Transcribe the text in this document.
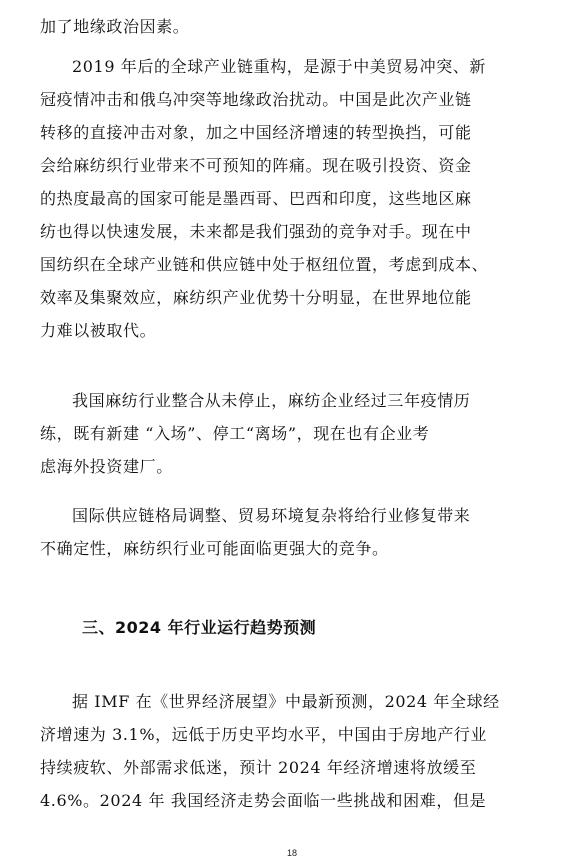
加了地缘政治因素。
2019 年后的全球产业链重构，是源于中美贸易冲突、新
冠疫情冲击和俄乌冲突等地缘政治扰动。中国是此次产业链
转移的直接冲击对象，加之中国经济增速的转型换挡，可能
会给麻纺织行业带来不可预知的阵痛。现在吸引投资、资金
的热度最高的国家可能是墨西哥、巴西和印度，这些地区麻
纺也得以快速发展，未来都是我们强劲的竞争对手。现在中
国纺织在全球产业链和供应链中处于枢纽位置，考虑到成本、
效率及集聚效应，麻纺织产业优势十分明显，在世界地位能
力难以被取代。
我国麻纺行业整合从未停止，麻纺企业经过三年疫情历
练，既有新建 “入场”、停工“离场”，现在也有企业考
虑海外投资建厂。
国际供应链格局调整、贸易环境复杂将给行业修复带来
不确定性，麻纺织行业可能面临更强大的竞争。
三、2024 年行业运行趋势预测
据 IMF 在《世界经济展望》中最新预测，2024 年全球经
济增速为 3.1%，远低于历史平均水平，中国由于房地产行业
持续疲软、外部需求低迷，预计 2024 年经济增速将放缓至
4.6%。2024 年 我国经济走势会面临一些挑战和困难，但是
18
